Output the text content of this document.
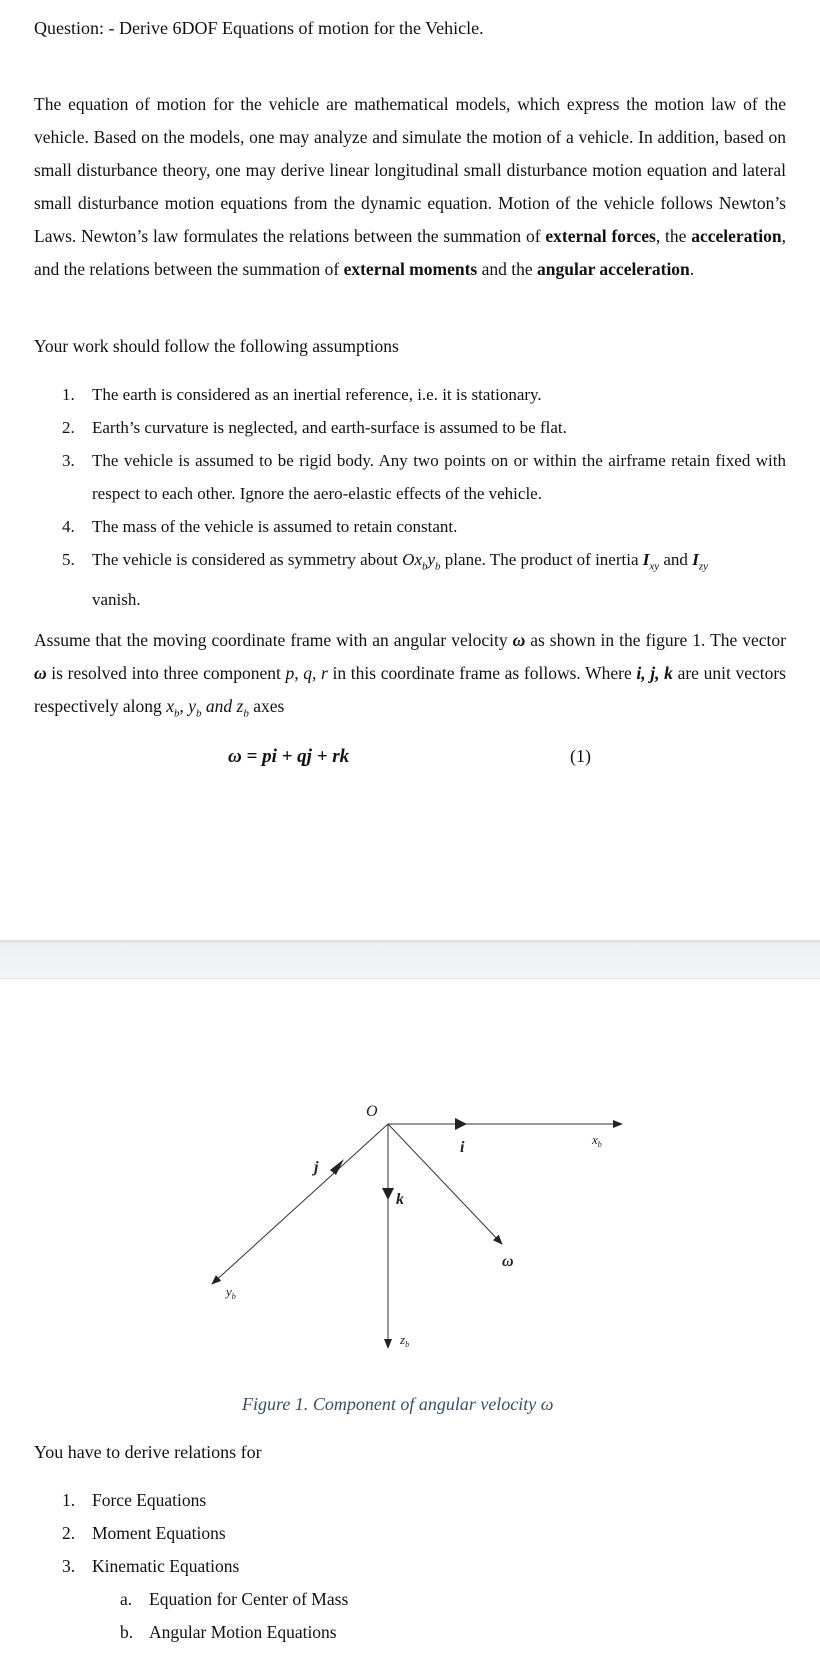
Question: - Derive 6DOF Equations of motion for the Vehicle.
The equation of motion for the vehicle are mathematical models, which express the motion law of the vehicle. Based on the models, one may analyze and simulate the motion of a vehicle. In addition, based on small disturbance theory, one may derive linear longitudinal small disturbance motion equation and lateral small disturbance motion equations from the dynamic equation. Motion of the vehicle follows Newton’s Laws. Newton’s law formulates the relations between the summation of external forces, the acceleration, and the relations between the summation of external moments and the angular acceleration.
Your work should follow the following assumptions
1. The earth is considered as an inertial reference, i.e. it is stationary.
2. Earth’s curvature is neglected, and earth-surface is assumed to be flat.
3. The vehicle is assumed to be rigid body. Any two points on or within the airframe retain fixed with respect to each other. Ignore the aero-elastic effects of the vehicle.
4. The mass of the vehicle is assumed to retain constant.
5. The vehicle is considered as symmetry about $Ox_by_b$ plane. The product of inertia $I_{xy}$ and $I_{zy}$
vanish.
Assume that the moving coordinate frame with an angular velocity ω as shown in the figure 1. The vector ω is resolved into three component p, q, r in this coordinate frame as follows. Where i, j, k are unit vectors respectively along $x_b$, $y_b$ and $z_b$ axes
ω = pi + qj + rk	(1)
O
i
j
k
ω
$x_b$
$y_b$
$z_b$
Figure 1. Component of angular velocity ω
You have to derive relations for
1. Force Equations
2. Moment Equations
3. Kinematic Equations
a. Equation for Center of Mass
b. Angular Motion Equations
